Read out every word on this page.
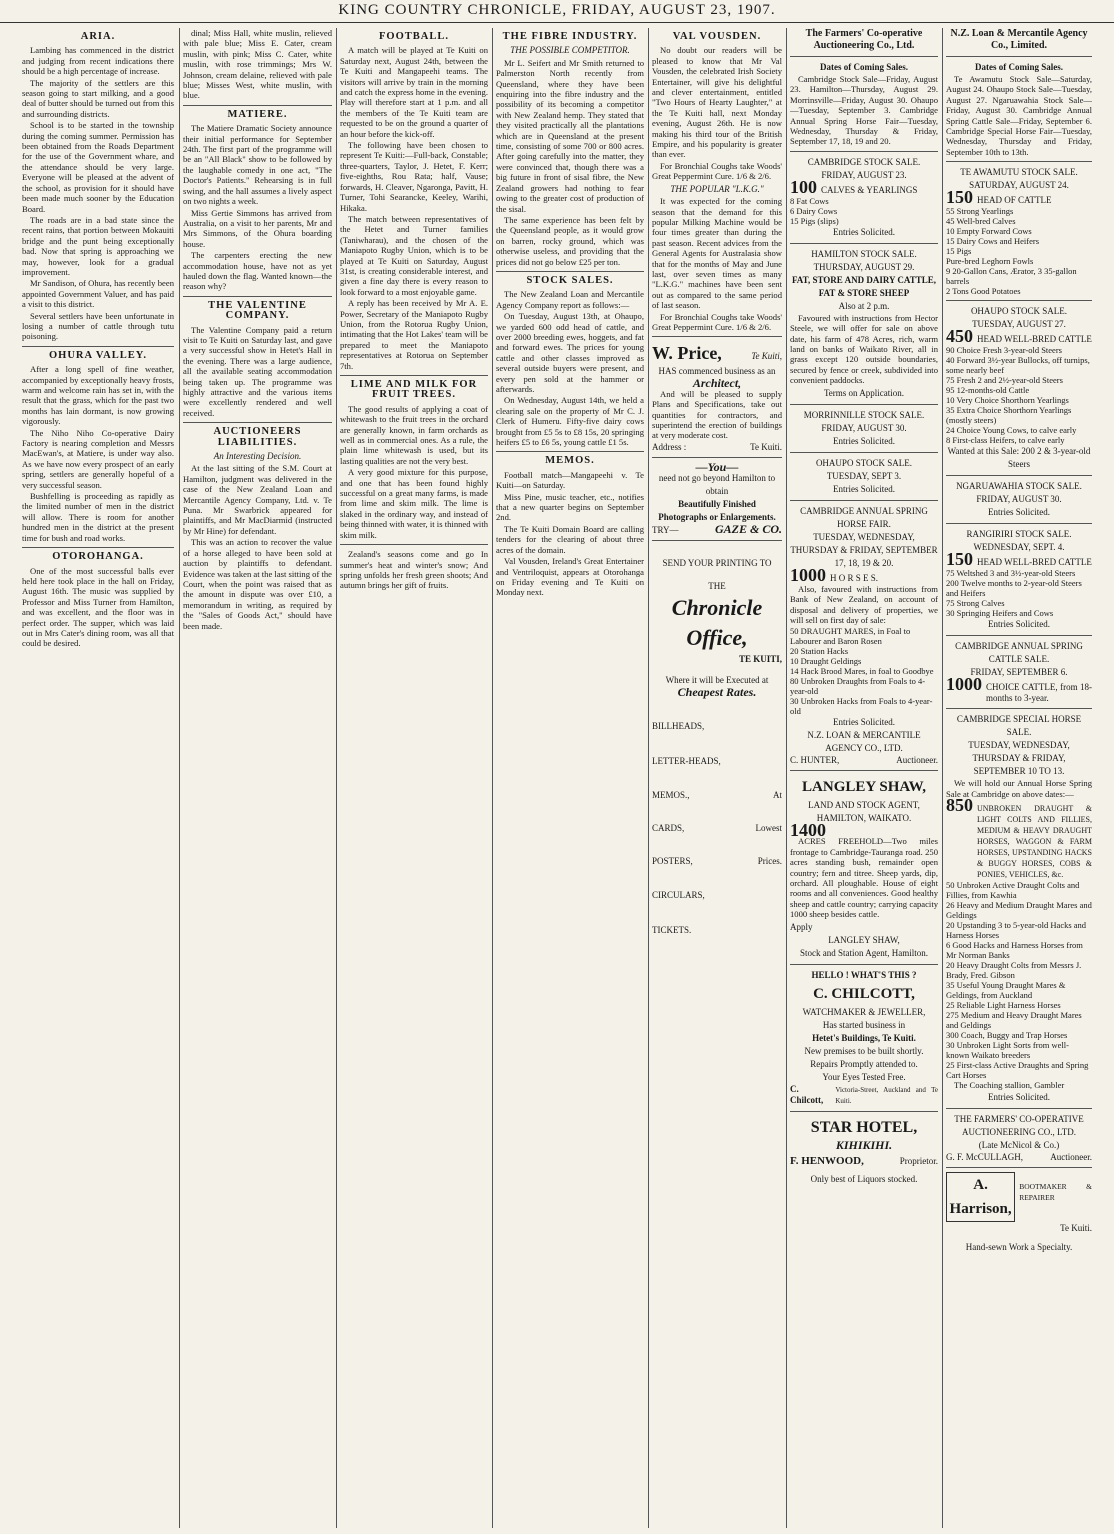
KING COUNTRY CHRONICLE, FRIDAY, AUGUST 23, 1907.
ARIA.

Lambing has commenced in the district and judging from recent indications there should be a high percentage of increase.

The majority of the settlers are this season going to start milking, and a good deal of butter should be turned out from this and surrounding districts.

School is to be started in the township during the coming summer. Permission has been obtained from the Roads Department for the use of the Government whare, and the attendance should be very large. Everyone will be pleased at the advent of the school, as provision for it should have been made much sooner by the Education Board.

The roads are in a bad state since the recent rains, that portion between Mokauiti bridge and the punt being exceptionally bad. Now that spring is approaching we may, however, look for a gradual improvement.

Mr Sandison, of Ohura, has recently been appointed Government Valuer, and has paid a visit to this district.

Several settlers have been unfortunate in losing a number of cattle through tutu poisoning.

OHURA VALLEY.

After a long spell of fine weather, accompanied by exceptionally heavy frosts, warm and welcome rain has set in, with the result that the grass, which for the past two months has lain dormant, is now growing vigorously.

The Niho Niho Co-operative Dairy Factory is nearing completion and Messrs MacEwan's, at Matiere, is under way also. As we have now every prospect of an early spring, settlers are generally hopeful of a very successful season.

Bushfelling is proceeding as rapidly as the limited number of men in the district will allow. There is room for another hundred men in the district at the present time for bush and road works.

OTOROHANGA.

One of the most successful balls ever held here took place in the hall on Friday, August 16th. The music was supplied by Professor and Miss Turner from Hamilton, and was excellent, and the floor was in perfect order. The supper, which was laid out in Mrs Cater's dining room, was all that could be desired.

dinal; Miss Hall, white muslin, relieved with pale blue; Miss E. Cater, cream muslin, with pink; Miss C. Cater, white muslin, with rose trimmings; Mrs W. Johnson, cream delaine, relieved with pale blue; Misses West, white muslin, with blue.

MATIERE.

The Matiere Dramatic Society announce their initial performance for September 24th. The first part of the programme will be an "All Black" show to be followed by the laughable comedy in one act, "The Doctor's Patients." Rehearsing is in full swing, and the hall assumes a lively aspect on two nights a week.

Miss Gertie Simmons has arrived from Australia, on a visit to her parents, Mr and Mrs Simmons, of the Ohura boarding house.

The carpenters erecting the new accommodation house, have not as yet hauled down the flag. Wanted known—the reason why?

THE VALENTINE COMPANY.

The Valentine Company paid a return visit to Te Kuiti on Saturday last, and gave a very successful show in Hetet's Hall in the evening. There was a large audience, all the available seating accommodation being taken up. The programme was highly attractive and the various items were excellently rendered and well received.

AUCTIONEERS LIABILITIES.
An Interesting Decision.

At the last sitting of the S.M. Court at Hamilton, judgment was delivered in the case of the New Zealand Loan and Mercantile Agency Company, Ltd. v. Te Puna. Mr Swarbrick appeared for plaintiffs, and Mr MacDiarmid (instructed by Mr Hine) for defendant.

This was an action to recover the value of a horse alleged to have been sold at auction by plaintiffs to defendant. Evidence was taken at the last sitting of the Court, when the point was raised that as the amount in dispute was over £10, a memorandum in writing, as required by the "Sales of Goods Act," should have been made.

FOOTBALL.

A match will be played at Te Kuiti on Saturday next, August 24th, between the Te Kuiti and Mangapeehi teams. The visitors will arrive by train in the morning and catch the express home in the evening. Play will therefore start at 1 p.m. and all the members of the Te Kuiti team are requested to be on the ground a quarter of an hour before the kick-off.

The following have been chosen to represent Te Kuiti:—Full-back, Constable; three-quarters, Taylor, J. Hetet, F. Kerr; five-eighths, Rou Rata; half, Vause; forwards, H. Cleaver, Ngaronga, Pavitt, H. Turner, Tohi Searancke, Keeley, Warihi, Hikaka.

The match between representatives of the Hetet and Turner families (Taniwharau), and the chosen of the Maniapoto Rugby Union, which is to be played at Te Kuiti on Saturday, August 31st, is creating considerable interest, and given a fine day there is every reason to look forward to a most enjoyable game.

A reply has been received by Mr A. E. Power, Secretary of the Maniapoto Rugby Union, from the Rotorua Rugby Union, intimating that the Hot Lakes' team will be prepared to meet the Maniapoto representatives at Rotorua on September 7th.

LIME AND MILK FOR FRUIT TREES.

The good results of applying a coat of whitewash to the fruit trees in the orchard are generally known, in farm orchards as well as in commercial ones. As a rule, the plain lime whitewash is used, but its lasting qualities are not the very best.

A very good mixture for this purpose, and one that has been found highly successful on a great many farms, is made from lime and skim milk. The lime is slaked in the ordinary way, and instead of being thinned with water, it is thinned with skim milk.

Zealand's seasons come and go In summer's heat and winter's snow; And spring unfolds her fresh green shoots; And autumn brings her gift of fruits.

THE FIBRE INDUSTRY.
THE POSSIBLE COMPETITOR.

Mr L. Seifert and Mr Smith returned to Palmerston North recently from Queensland, where they have been enquiring into the fibre industry and the possibility of its becoming a competitor with New Zealand hemp. They stated that they visited practically all the plantations which are in Queensland at the present time, consisting of some 700 or 800 acres. After going carefully into the matter, they were convinced that, though there was a big future in front of sisal fibre, the New Zealand growers had nothing to fear owing to the greater cost of production of the sisal.

The same experience has been felt by the Queensland people, as it would grow on barren, rocky ground, which was otherwise useless, and providing that the prices did not go below £25 per ton.

STOCK SALES.

The New Zealand Loan and Mercantile Agency Company report as follows:—

On Tuesday, August 13th, at Ohaupo, we yarded 600 odd head of cattle, and over 2000 breeding ewes, hoggets, and fat and forward ewes. The prices for young cattle and other classes improved as several outside buyers were present, and every pen sold at the hammer or afterwards.

On Wednesday, August 14th, we held a clearing sale on the property of Mr C. J. Clerk of Humeru. Fifty-five dairy cows brought from £5 5s to £8 15s, 20 springing heifers £5 to £6 5s, young cattle £1 5s.

MEMOS.

Football match—Mangapeehi v. Te Kuiti—on Saturday.

Miss Pine, music teacher, etc., notifies that a new quarter begins on September 2nd.

The Te Kuiti Domain Board are calling tenders for the clearing of about three acres of the domain.

Val Vousden, Ireland's Great Entertainer and Ventriloquist, appears at Otorohanga on Friday evening and Te Kuiti on Monday next.

VAL VOUSDEN.

No doubt our readers will be pleased to know that Mr Val Vousden, the celebrated Irish Society Entertainer, will give his delightful and clever entertainment, entitled "Two Hours of Hearty Laughter," at the Te Kuiti hall, next Monday evening, August 26th. He is now making his third tour of the British Empire, and his popularity is greater than ever.

For Bronchial Coughs take Woods' Great Peppermint Cure. 1/6 & 2/6.

THE POPULAR "L.K.G."

It was expected for the coming season that the demand for this popular Milking Machine would be four times greater than during the past season. Recent advices from the General Agents for Australasia show that for the months of May and June last, over seven times as many "L.K.G." machines have been sent out as compared to the same period of last season.

For Bronchial Coughs take Woods' Great Peppermint Cure. 1/6 & 2/6.

W. Price,	Te Kuiti,
HAS commenced business as an
Architect,

And will be pleased to supply Plans and Specifications, take out quantities for contractors, and superintend the erection of buildings at very moderate cost.

Address :	Te Kuiti.
—You—
need not go beyond Hamilton to obtain
Beautifully Finished
Photographs or Enlargements.
TRY—	GAZE & CO.
SEND YOUR PRINTING TO
THE
Chronicle
Office,
TE KUITI,
Where it will be Executed at
Cheapest Rates.
BILLHEADS,
LETTER-HEADS,
MEMOS.,	At
CARDS,	Lowest
POSTERS,	Prices.
CIRCULARS,
TICKETS.
The Farmers' Co-operative Auctioneering Co., Ltd.
Dates of Coming Sales.

Cambridge Stock Sale—Friday, August 23. Hamilton—Thursday, August 29. Morrinsville—Friday, August 30. Ohaupo—Tuesday, September 3. Cambridge Annual Spring Horse Fair—Tuesday, Wednesday, Thursday & Friday, September 17, 18, 19 and 20.

CAMBRIDGE STOCK SALE.
FRIDAY, AUGUST 23.
100 CALVES & YEARLINGS
8 Fat Cows
6 Dairy Cows
15 Pigs (slips)
Entries Solicited.
HAMILTON STOCK SALE.
THURSDAY, AUGUST 29.
FAT, STORE AND DAIRY CATTLE, FAT & STORE SHEEP
Also at 2 p.m.

Favoured with instructions from Hector Steele, we will offer for sale on above date, his farm of 478 Acres, rich, warm land on banks of Waikato River, all in grass except 120 outside boundaries, secured by fence or creek, subdivided into convenient paddocks.

Terms on Application.
MORRINNILLE STOCK SALE.
FRIDAY, AUGUST 30.
Entries Solicited.
OHAUPO STOCK SALE.
TUESDAY, SEPT 3.
Entries Solicited.
CAMBRIDGE ANNUAL SPRING HORSE FAIR.
TUESDAY, WEDNESDAY, THURSDAY & FRIDAY, SEPTEMBER 17, 18, 19 & 20.
1000 H O R S E S.

Also, favoured with instructions from Bank of New Zealand, on account of disposal and delivery of properties, we will sell on first day of sale:

50 DRAUGHT MARES, in Foal to Labourer and Baron Rosen
20 Station Hacks
10 Draught Geldings
14 Hack Brood Mares, in foal to Goodbye
80 Unbroken Draughts from Foals to 4-year-old
30 Unbroken Hacks from Foals to 4-year-old
Entries Solicited.
N.Z. LOAN & MERCANTILE AGENCY CO., LTD.
C. HUNTER,	Auctioneer.
LANGLEY SHAW,
LAND AND STOCK AGENT, HAMILTON, WAIKATO.
1400

ACRES FREEHOLD—Two miles frontage to Cambridge-Tauranga road. 250 acres standing bush, remainder open country; fern and titree. Sheep yards, dip, orchard. All ploughable. House of eight rooms and all conveniences. Good healthy sheep and cattle country; carrying capacity 1000 sheep besides cattle.

Apply
LANGLEY SHAW,
Stock and Station Agent, Hamilton.
HELLO ! WHAT'S THIS ?
C. CHILCOTT,
WATCHMAKER & JEWELLER,
Has started business in
Hetet's Buildings, Te Kuiti.
New premises to be built shortly.
Repairs Promptly attended to.
Your Eyes Tested Free.
C. Chilcott,
Victoria-Street, Auckland and Te Kuiti.
STAR HOTEL,
KIHIKIHI.
F. HENWOOD,	Proprietor.
Only best of Liquors stocked.
N.Z. Loan & Mercantile Agency Co., Limited.
Dates of Coming Sales.

Te Awamutu Stock Sale—Saturday, August 24. Ohaupo Stock Sale—Tuesday, August 27. Ngaruawahia Stock Sale—Friday, August 30. Cambridge Annual Spring Cattle Sale—Friday, September 6. Cambridge Special Horse Fair—Tuesday, Wednesday, Thursday and Friday, September 10th to 13th.

TE AWAMUTU STOCK SALE.
SATURDAY, AUGUST 24.
150 HEAD OF CATTLE
55 Strong Yearlings
45 Well-bred Calves
10 Empty Forward Cows
15 Dairy Cows and Heifers
15 Pigs
Pure-bred Leghorn Fowls
9 20-Gallon Cans, Ærator, 3 35-gallon barrels
2 Tons Good Potatoes
OHAUPO STOCK SALE.
TUESDAY, AUGUST 27.
450 HEAD WELL-BRED CATTLE
90 Choice Fresh 3-year-old Steers
40 Forward 3½-year Bullocks, off turnips, some nearly beef
75 Fresh 2 and 2½-year-old Steers
95 12-months-old Cattle
10 Very Choice Shorthorn Yearlings
35 Extra Choice Shorthorn Yearlings (mostly steers)
24 Choice Young Cows, to calve early
8 First-class Heifers, to calve early
Wanted at this Sale: 200 2 & 3-year-old Steers
NGARUAWAHIA STOCK SALE.
FRIDAY, AUGUST 30.
Entries Solicited.
RANGIRIRI STOCK SALE.
WEDNESDAY, SEPT. 4.
150 HEAD WELL-BRED CATTLE
75 Weltshed 3 and 3½-year-old Steers
200 Twelve months to 2-year-old Steers and Heifers
75 Strong Calves
30 Springing Heifers and Cows
Entries Solicited.
CAMBRIDGE ANNUAL SPRING CATTLE SALE.
FRIDAY, SEPTEMBER 6.
1000 CHOICE CATTLE, from 18-months to 3-year.
CAMBRIDGE SPECIAL HORSE SALE.
TUESDAY, WEDNESDAY, THURSDAY & FRIDAY, SEPTEMBER 10 TO 13.

We will hold our Annual Horse Spring Sale at Cambridge on above dates:—

850 UNBROKEN DRAUGHT & LIGHT COLTS AND FILLIES, MEDIUM & HEAVY DRAUGHT HORSES, WAGGON & FARM HORSES, UPSTANDING HACKS & BUGGY HORSES, COBS & PONIES, VEHICLES, &c.
50 Unbroken Active Draught Colts and Fillies, from Kawhia
26 Heavy and Medium Draught Mares and Geldings
20 Upstanding 3 to 5-year-old Hacks and Harness Horses
6 Good Hacks and Harness Horses from Mr Norman Banks
20 Heavy Draught Colts from Messrs J. Brady, Fred. Gibson
35 Useful Young Draught Mares & Geldings, from Auckland
25 Reliable Light Harness Horses
275 Medium and Heavy Draught Mares and Geldings
300 Coach, Buggy and Trap Horses
30 Unbroken Light Sorts from well-known Waikato breeders
25 First-class Active Draughts and Spring Cart Horses

The Coaching stallion, Gambler

Entries Solicited.
THE FARMERS' CO-OPERATIVE AUCTIONEERING CO., LTD.
(Late McNicol & Co.)
G. F. McCULLAGH,	Auctioneer.
A. Harrison,
BOOTMAKER & REPAIRER
Te Kuiti.
Hand-sewn Work a Specialty.
